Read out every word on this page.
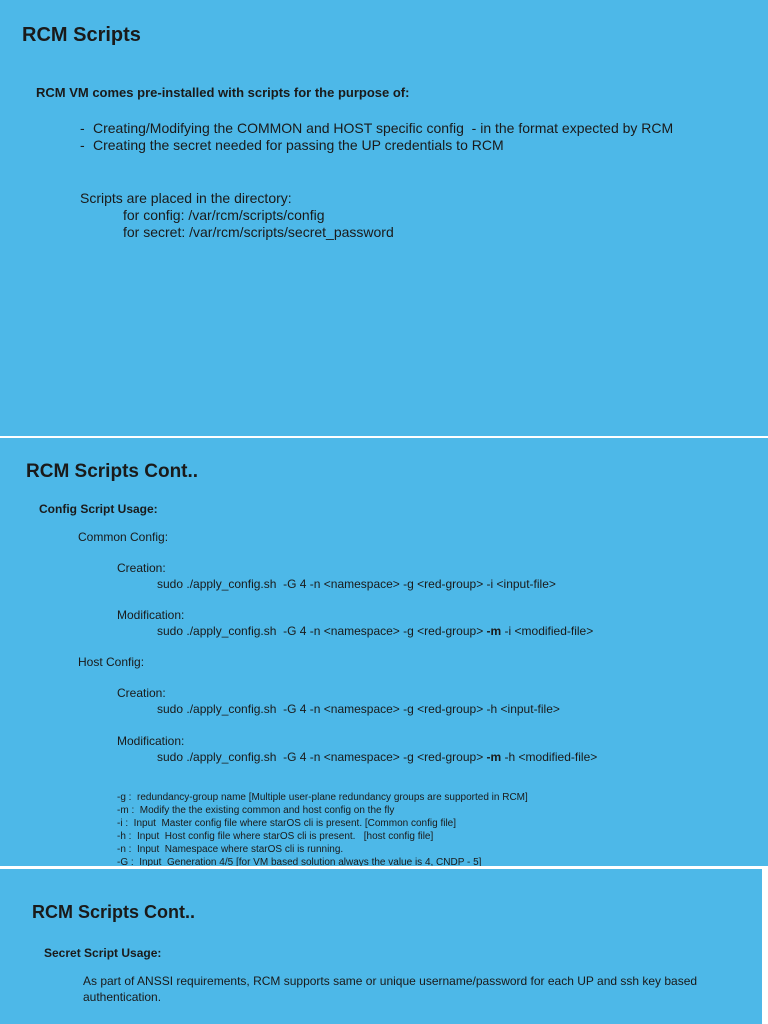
RCM Scripts
RCM VM comes pre-installed with scripts for the purpose of:
- Creating/Modifying the COMMON and HOST specific config  - in the format expected by RCM
- Creating the secret needed for passing the UP credentials to RCM
Scripts are placed in the directory:
for config: /var/rcm/scripts/config
for secret: /var/rcm/scripts/secret_password
RCM Scripts Cont..
Config Script Usage:
Common Config:
Creation:
sudo ./apply_config.sh  -G 4 -n <namespace> -g <red-group> -i <input-file>
Modification:
sudo ./apply_config.sh  -G 4 -n <namespace> -g <red-group> -m -i <modified-file>
Host Config:
Creation:
sudo ./apply_config.sh  -G 4 -n <namespace> -g <red-group> -h <input-file>
Modification:
sudo ./apply_config.sh  -G 4 -n <namespace> -g <red-group> -m -h <modified-file>
-g :  redundancy-group name [Multiple user-plane redundancy groups are supported in RCM]
-m :  Modify the the existing common and host config on the fly
-i :  Input  Master config file where starOS cli is present. [Common config file]
-h :  Input  Host config file where starOS cli is present.   [host config file]
-n :  Input  Namespace where starOS cli is running.
-G :  Input  Generation 4/5 [for VM based solution always the value is 4, CNDP - 5]
RCM Scripts Cont..
Secret Script Usage:
As part of ANSSI requirements, RCM supports same or unique username/password for each UP and ssh key based
authentication.
